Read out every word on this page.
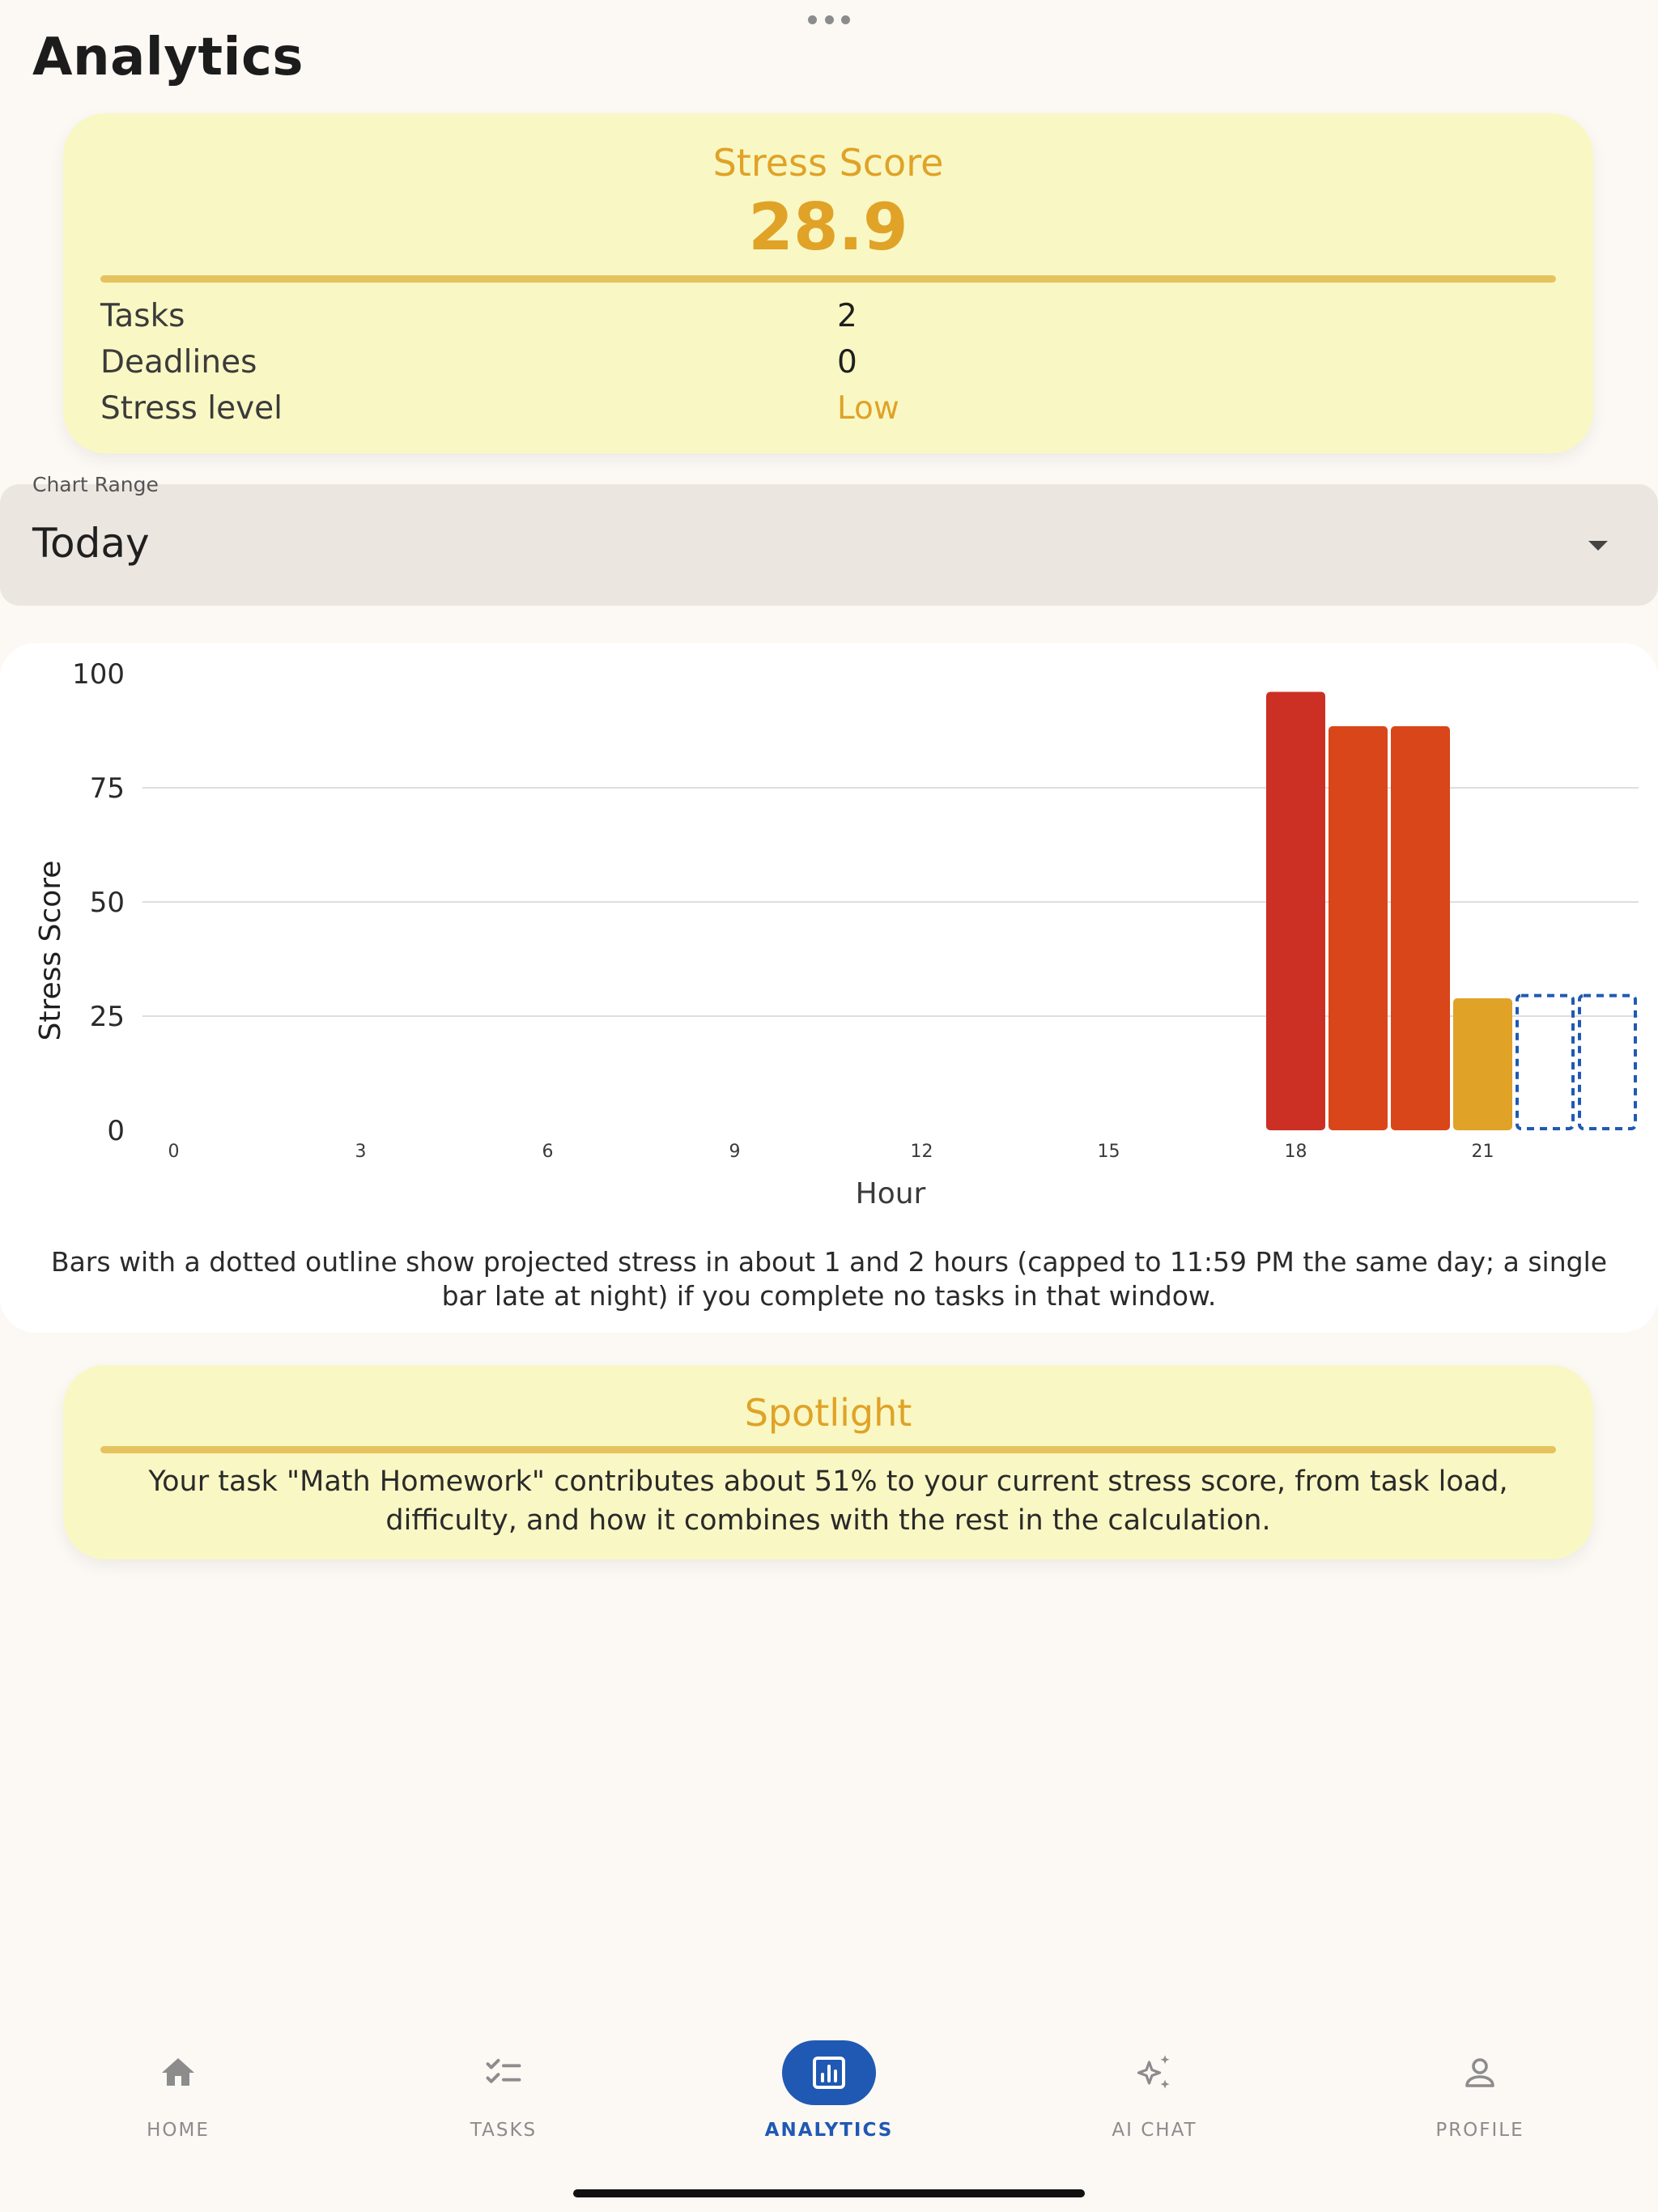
Analytics
Stress Score
28.9
Tasks	2
Deadlines	0
Stress level	Low
Today
Chart Range
0
25
50
75
100
0	3	6	9	12	15	18	21
Hour
Stress Score
Bars with a dotted outline show projected stress in about 1 and 2 hours (capped to 11:59 PM the same day; a single bar late at night) if you complete no tasks in that window.
Spotlight
Your task "Math Homework" contributes about 51% to your current stress score, from task load, difficulty, and how it combines with the rest in the calculation.
HOME	TASKS	ANALYTICS	AI CHAT	PROFILE
